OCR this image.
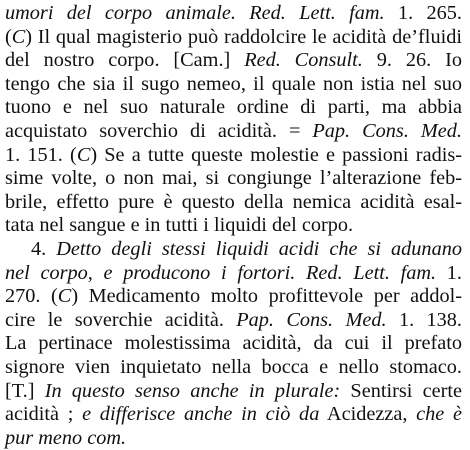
umori del corpo animale. Red. Lett. fam. 1. 265.
(C) Il qual magisterio può raddolcire le acidità de’fluidi
del nostro corpo. [Cam.] Red. Consult. 9. 26. Io
tengo che sia il sugo nemeo, il quale non istia nel suo
tuono e nel suo naturale ordine di parti, ma abbia
acquistato soverchio di acidità. = Pap. Cons. Med.
1. 151. (C) Se a tutte queste molestie e passioni radis-
sime volte, o non mai, si congiunge l’alterazione feb-
brile, effetto pure è questo della nemica acidità esal-
tata nel sangue e in tutti i liquidi del corpo.
4. Detto degli stessi liquidi acidi che si adunano
nel corpo, e producono i fortori. Red. Lett. fam. 1.
270. (C) Medicamento molto profittevole per addol-
cire le soverchie acidità. Pap. Cons. Med. 1. 138.
La pertinace molestissima acidità, da cui il prefato
signore vien inquietato nella bocca e nello stomaco.
[T.] In questo senso anche in plurale: Sentirsi certe
acidità ; e differisce anche in ciò da Acidezza, che è
pur meno com.
